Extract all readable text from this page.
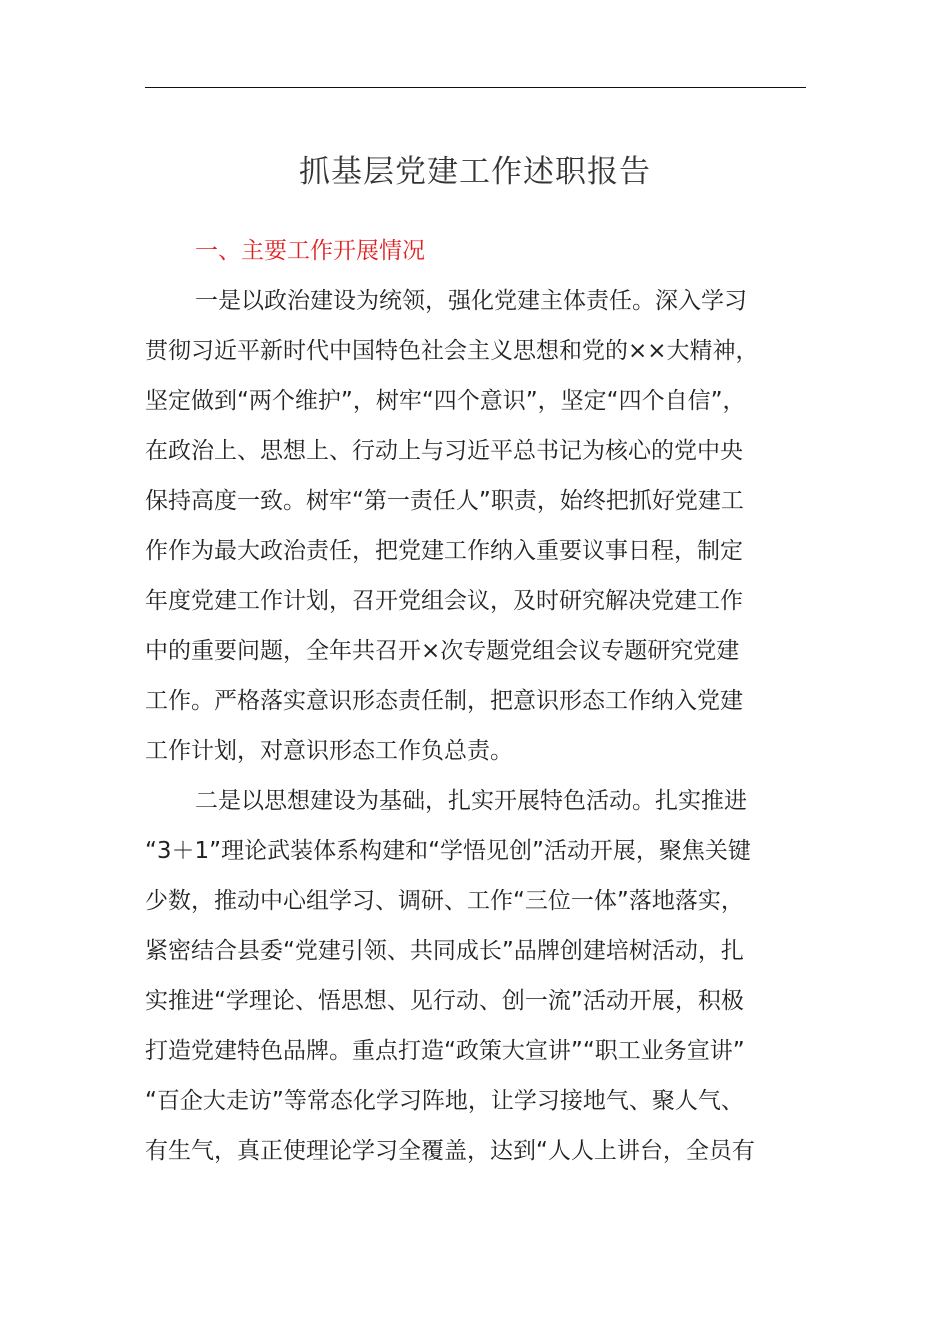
抓基层党建工作述职报告
一、主要工作开展情况

一是以政治建设为统领，强化党建主体责任。深入学习
贯彻习近平新时代中国特色社会主义思想和党的××大精神，
坚定做到“两个维护”，树牢“四个意识”，坚定“四个自信”，
在政治上、思想上、行动上与习近平总书记为核心的党中央
保持高度一致。树牢“第一责任人”职责，始终把抓好党建工
作作为最大政治责任，把党建工作纳入重要议事日程，制定
年度党建工作计划，召开党组会议，及时研究解决党建工作
中的重要问题，全年共召开×次专题党组会议专题研究党建
工作。严格落实意识形态责任制，把意识形态工作纳入党建
工作计划，对意识形态工作负总责。

二是以思想建设为基础，扎实开展特色活动。扎实推进
“3＋1”理论武装体系构建和“学悟见创”活动开展，聚焦关键
少数，推动中心组学习、调研、工作“三位一体”落地落实，
紧密结合县委“党建引领、共同成长”品牌创建培树活动，扎
实推进“学理论、悟思想、见行动、创一流”活动开展，积极
打造党建特色品牌。重点打造“政策大宣讲”“职工业务宣讲”
“百企大走访”等常态化学习阵地，让学习接地气、聚人气、
有生气，真正使理论学习全覆盖，达到“人人上讲台，全员有
